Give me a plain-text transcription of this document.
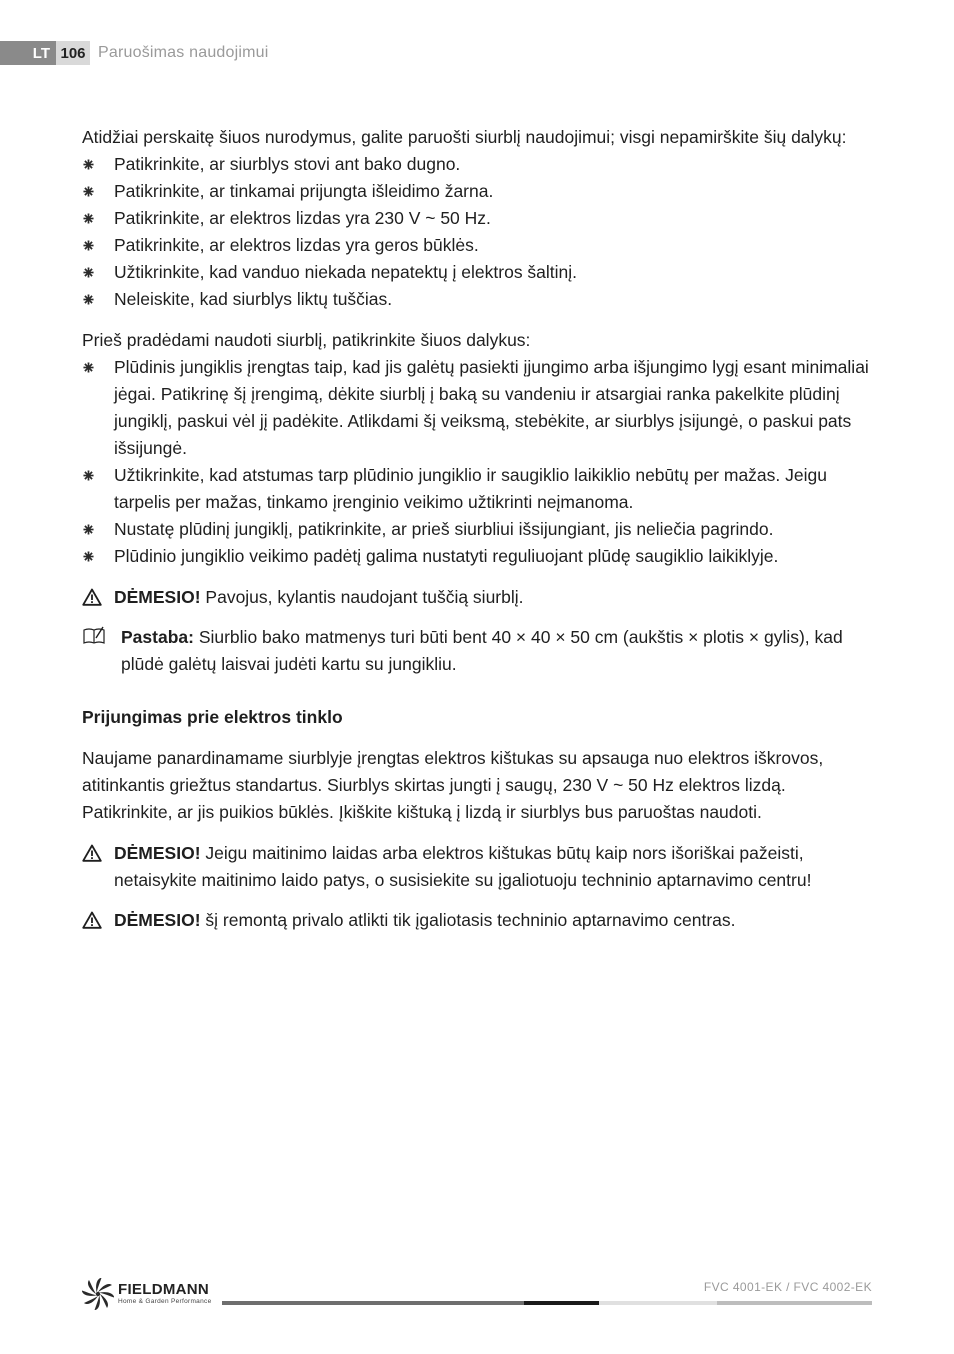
LT 106 Paruošimas naudojimui

Atidžiai perskaitę šiuos nurodymus, galite paruošti siurblį naudojimui; visgi nepamirškite šių dalykų:

Patikrinkite, ar siurblys stovi ant bako dugno.
Patikrinkite, ar tinkamai prijungta išleidimo žarna.
Patikrinkite, ar elektros lizdas yra 230 V ~ 50 Hz.
Patikrinkite, ar elektros lizdas yra geros būklės.
Užtikrinkite, kad vanduo niekada nepatektų į elektros šaltinį.
Neleiskite, kad siurblys liktų tuščias.

Prieš pradėdami naudoti siurblį, patikrinkite šiuos dalykus:

Plūdinis jungiklis įrengtas taip, kad jis galėtų pasiekti įjungimo arba išjungimo lygį esant minimaliai jėgai. Patikrinę šį įrengimą, dėkite siurblį į baką su vandeniu ir atsargiai ranka pakelkite plūdinį jungiklį, paskui vėl jį padėkite. Atlikdami šį veiksmą, stebėkite, ar siurblys įsijungė, o paskui pats išsijungė.
Užtikrinkite, kad atstumas tarp plūdinio jungiklio ir saugiklio laikiklio nebūtų per mažas. Jeigu tarpelis per mažas, tinkamo įrenginio veikimo užtikrinti neįmanoma.
Nustatę plūdinį jungiklį, patikrinkite, ar prieš siurbliui išsijungiant, jis neliečia pagrindo.
Plūdinio jungiklio veikimo padėtį galima nustatyti reguliuojant plūdę saugiklio laikiklyje.
DĖMESIO! Pavojus, kylantis naudojant tuščią siurblį.
Pastaba: Siurblio bako matmenys turi būti bent 40 × 40 × 50 cm (aukštis × plotis × gylis), kad plūdė galėtų laisvai judėti kartu su jungikliu.
Prijungimas prie elektros tinklo

Naujame panardinamame siurblyje įrengtas elektros kištukas su apsauga nuo elektros iškrovos, atitinkantis griežtus standartus. Siurblys skirtas jungti į saugų, 230 V ~ 50 Hz elektros lizdą. Patikrinkite, ar jis puikios būklės. Įkiškite kištuką į lizdą ir siurblys bus paruoštas naudoti.

DĖMESIO! Jeigu maitinimo laidas arba elektros kištukas būtų kaip nors išoriškai pažeisti, netaisykite maitinimo laido patys, o susisiekite su įgaliotuoju techninio aptarnavimo centru!
DĖMESIO! šį remontą privalo atlikti tik įgaliotasis techninio aptarnavimo centras.
FIELDMANN
Home & Garden Performance
FVC 4001-EK / FVC 4002-EK
